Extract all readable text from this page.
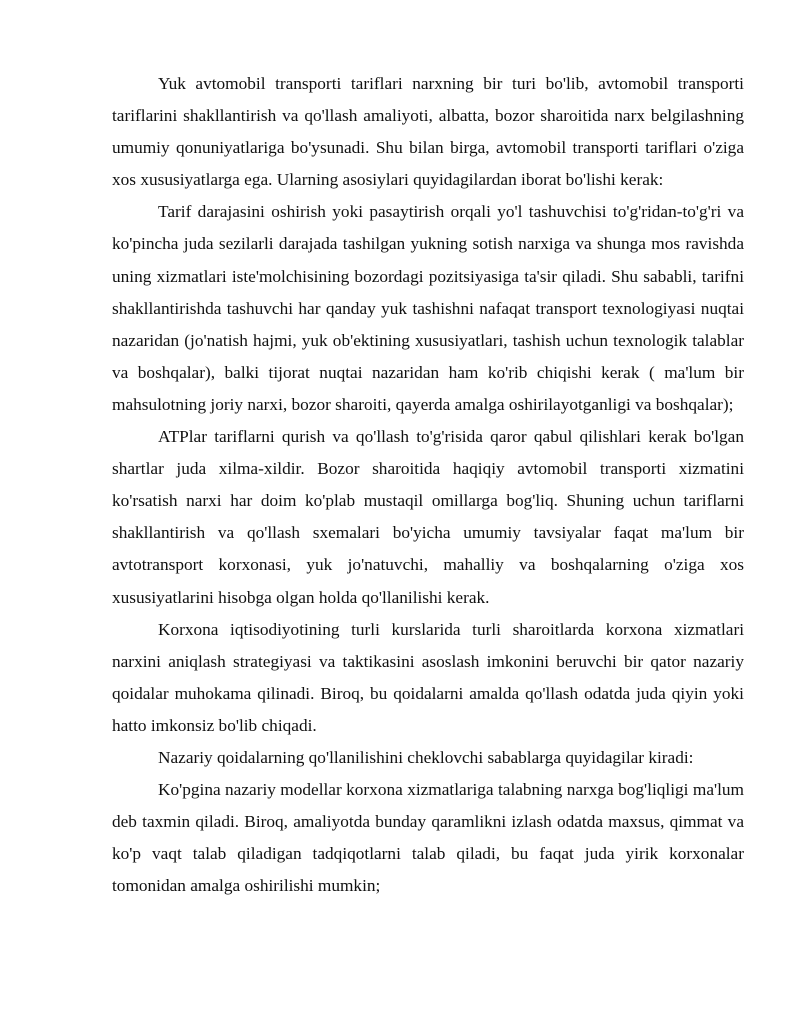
Yuk avtomobil transporti tariflari narxning bir turi bo'lib, avtomobil transporti tariflarini shakllantirish va qo'llash amaliyoti, albatta, bozor sharoitida narx belgilashning umumiy qonuniyatlariga bo'ysunadi. Shu bilan birga, avtomobil transporti tariflari o'ziga xos xususiyatlarga ega. Ularning asosiylari quyidagilardan iborat bo'lishi kerak:

Tarif darajasini oshirish yoki pasaytirish orqali yo'l tashuvchisi to'g'ridan-to'g'ri va ko'pincha juda sezilarli darajada tashilgan yukning sotish narxiga va shunga mos ravishda uning xizmatlari iste'molchisining bozordagi pozitsiyasiga ta'sir qiladi. Shu sababli, tarifni shakllantirishda tashuvchi har qanday yuk tashishni nafaqat transport texnologiyasi nuqtai nazaridan (jo'natish hajmi, yuk ob'ektining xususiyatlari, tashish uchun texnologik talablar va boshqalar), balki tijorat nuqtai nazaridan ham ko'rib chiqishi kerak ( ma'lum bir mahsulotning joriy narxi, bozor sharoiti, qayerda amalga oshirilayotganligi va boshqalar);

ATPlar tariflarni qurish va qo'llash to'g'risida qaror qabul qilishlari kerak bo'lgan shartlar juda xilma-xildir. Bozor sharoitida haqiqiy avtomobil transporti xizmatini ko'rsatish narxi har doim ko'plab mustaqil omillarga bog'liq. Shuning uchun tariflarni shakllantirish va qo'llash sxemalari bo'yicha umumiy tavsiyalar faqat ma'lum bir avtotransport korxonasi, yuk jo'natuvchi, mahalliy va boshqalarning o'ziga xos xususiyatlarini hisobga olgan holda qo'llanilishi kerak.

Korxona iqtisodiyotining turli kurslarida turli sharoitlarda korxona xizmatlari narxini aniqlash strategiyasi va taktikasini asoslash imkonini beruvchi bir qator nazariy qoidalar muhokama qilinadi. Biroq, bu qoidalarni amalda qo'llash odatda juda qiyin yoki hatto imkonsiz bo'lib chiqadi.

Nazariy qoidalarning qo'llanilishini cheklovchi sabablarga quyidagilar kiradi:

Ko'pgina nazariy modellar korxona xizmatlariga talabning narxga bog'liqligi ma'lum deb taxmin qiladi. Biroq, amaliyotda bunday qaramlikni izlash odatda maxsus, qimmat va ko'p vaqt talab qiladigan tadqiqotlarni talab qiladi, bu faqat juda yirik korxonalar tomonidan amalga oshirilishi mumkin;
